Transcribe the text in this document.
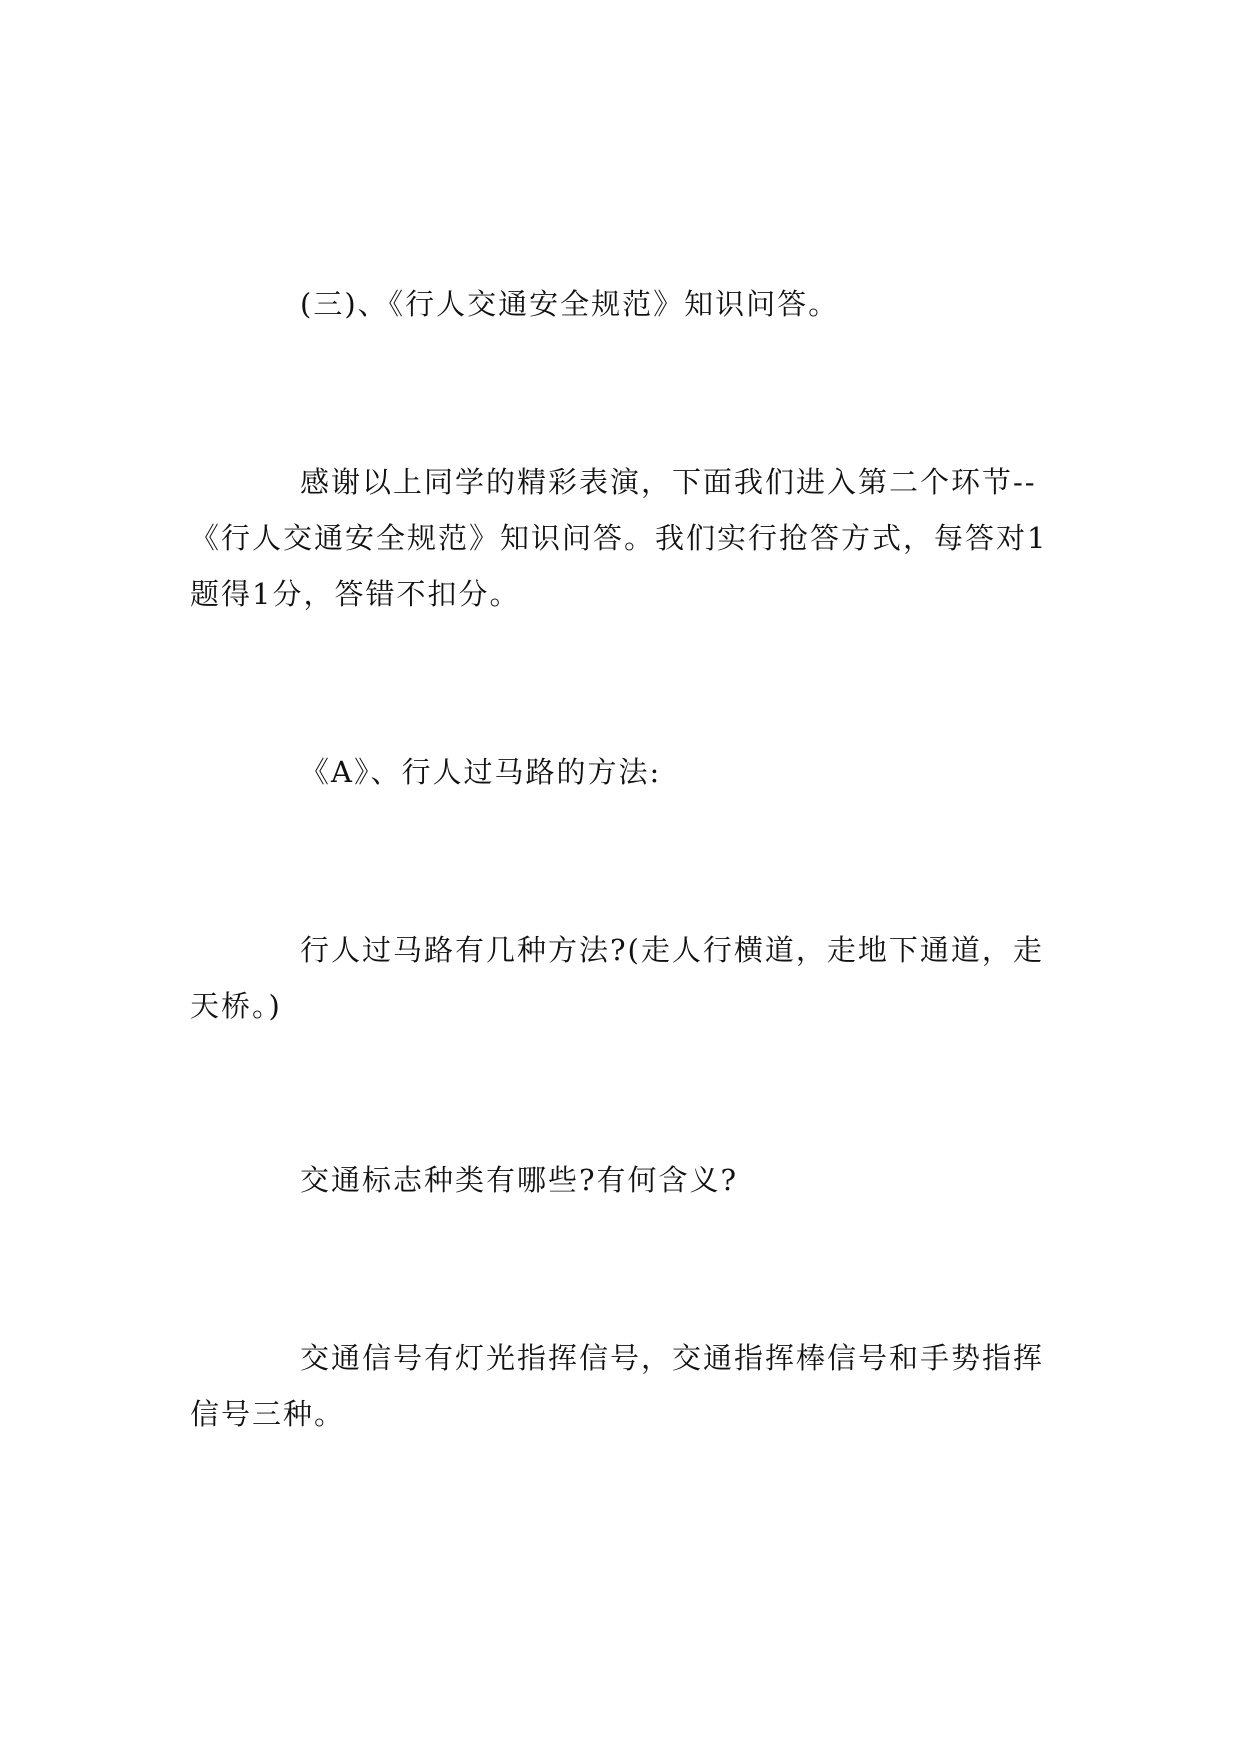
(三)、《行人交通安全规范》知识问答。

感谢以上同学的精彩表演，下面我们进入第二个环节--《行人交通安全规范》知识问答。我们实行抢答方式，每答对1题得1分，答错不扣分。

《A》、行人过马路的方法:

行人过马路有几种方法?(走人行横道，走地下通道，走天桥。)

交通标志种类有哪些?有何含义?

交通信号有灯光指挥信号，交通指挥棒信号和手势指挥信号三种。
